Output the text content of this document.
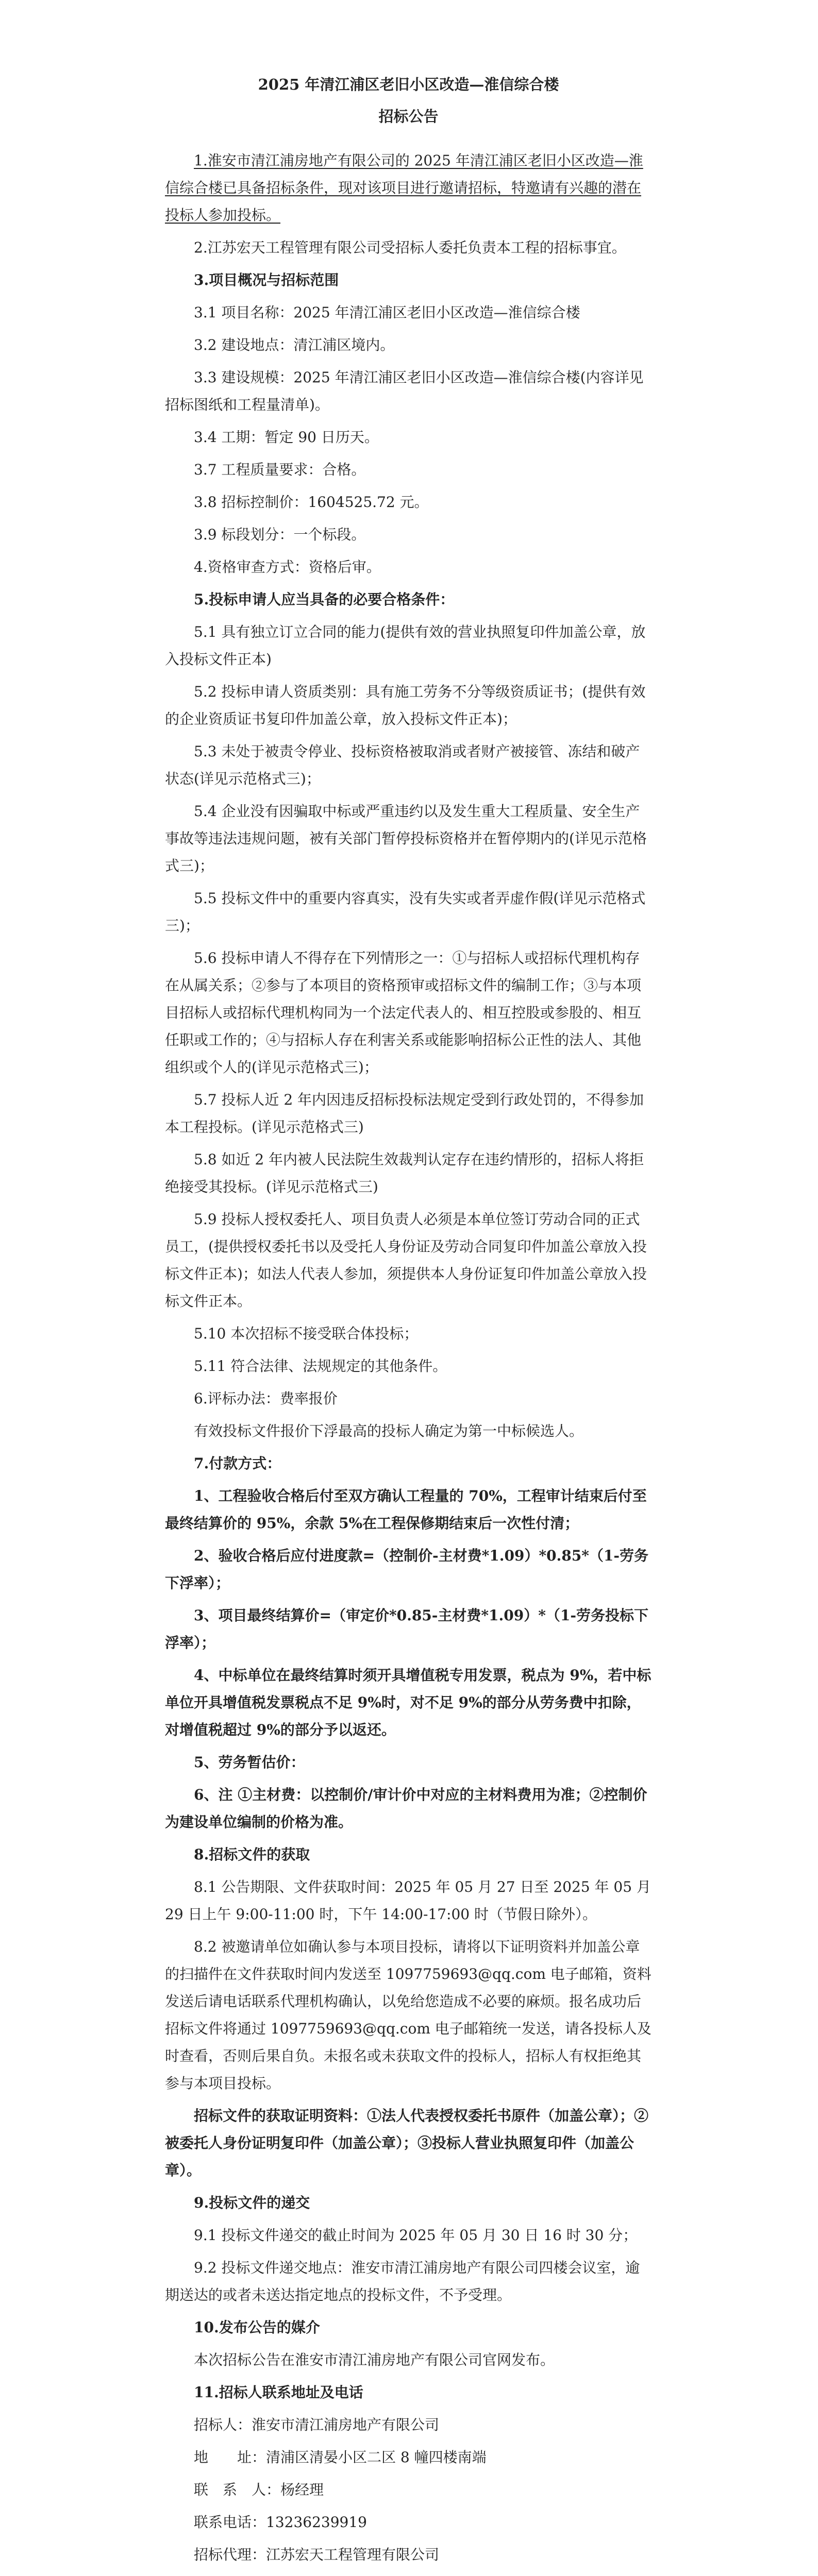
2025 年清江浦区老旧小区改造—淮信综合楼
招标公告

1.淮安市清江浦房地产有限公司的 2025 年清江浦区老旧小区改造—淮信综合楼已具备招标条件，现对该项目进行邀请招标，特邀请有兴趣的潜在投标人参加投标。

2.江苏宏天工程管理有限公司受招标人委托负责本工程的招标事宜。

3.项目概况与招标范围

3.1 项目名称：2025 年清江浦区老旧小区改造—淮信综合楼

3.2 建设地点：清江浦区境内。

3.3 建设规模：2025 年清江浦区老旧小区改造—淮信综合楼(内容详见招标图纸和工程量清单)。

3.4 工期：暂定 90 日历天。

3.7 工程质量要求：合格。

3.8 招标控制价：1604525.72 元。

3.9 标段划分：一个标段。

4.资格审查方式：资格后审。

5.投标申请人应当具备的必要合格条件：

5.1 具有独立订立合同的能力(提供有效的营业执照复印件加盖公章，放入投标文件正本)

5.2 投标申请人资质类别：具有施工劳务不分等级资质证书；(提供有效的企业资质证书复印件加盖公章，放入投标文件正本)；

5.3 未处于被责令停业、投标资格被取消或者财产被接管、冻结和破产状态(详见示范格式三)；

5.4 企业没有因骗取中标或严重违约以及发生重大工程质量、安全生产事故等违法违规问题，被有关部门暂停投标资格并在暂停期内的(详见示范格式三)；

5.5 投标文件中的重要内容真实，没有失实或者弄虚作假(详见示范格式三)；

5.6 投标申请人不得存在下列情形之一：①与招标人或招标代理机构存在从属关系；②参与了本项目的资格预审或招标文件的编制工作；③与本项目招标人或招标代理机构同为一个法定代表人的、相互控股或参股的、相互任职或工作的；④与招标人存在利害关系或能影响招标公正性的法人、其他组织或个人的(详见示范格式三)；

5.7 投标人近 2 年内因违反招标投标法规定受到行政处罚的，不得参加本工程投标。(详见示范格式三)

5.8 如近 2 年内被人民法院生效裁判认定存在违约情形的，招标人将拒绝接受其投标。(详见示范格式三)

5.9 投标人授权委托人、项目负责人必须是本单位签订劳动合同的正式员工，(提供授权委托书以及受托人身份证及劳动合同复印件加盖公章放入投标文件正本)；如法人代表人参加，须提供本人身份证复印件加盖公章放入投标文件正本。

5.10 本次招标不接受联合体投标；

5.11 符合法律、法规规定的其他条件。

6.评标办法：费率报价

有效投标文件报价下浮最高的投标人确定为第一中标候选人。

7.付款方式：

1、工程验收合格后付至双方确认工程量的 70%，工程审计结束后付至最终结算价的 95%，余款 5%在工程保修期结束后一次性付清；

2、验收合格后应付进度款=（控制价-主材费*1.09）*0.85*（1-劳务下浮率）；

3、项目最终结算价=（审定价*0.85-主材费*1.09）*（1-劳务投标下浮率）；

4、中标单位在最终结算时须开具增值税专用发票，税点为 9%，若中标单位开具增值税发票税点不足 9%时，对不足 9%的部分从劳务费中扣除，对增值税超过 9%的部分予以返还。

5、劳务暂估价：

6、注 ①主材费：以控制价/审计价中对应的主材料费用为准；②控制价为建设单位编制的价格为准。

8.招标文件的获取

8.1 公告期限、文件获取时间：2025 年 05 月 27 日至 2025 年 05 月 29 日上午 9:00-11:00 时，下午 14:00-17:00 时（节假日除外）。

8.2 被邀请单位如确认参与本项目投标，请将以下证明资料并加盖公章的扫描件在文件获取时间内发送至 1097759693@qq.com 电子邮箱，资料发送后请电话联系代理机构确认，以免给您造成不必要的麻烦。报名成功后招标文件将通过 1097759693@qq.com 电子邮箱统一发送，请各投标人及时查看，否则后果自负。未报名或未获取文件的投标人，招标人有权拒绝其参与本项目投标。

招标文件的获取证明资料：①法人代表授权委托书原件（加盖公章）；②被委托人身份证明复印件（加盖公章）；③投标人营业执照复印件（加盖公章）。

9.投标文件的递交

9.1 投标文件递交的截止时间为 2025 年 05 月 30 日 16 时 30 分；

9.2 投标文件递交地点：淮安市清江浦房地产有限公司四楼会议室，逾期送达的或者未送达指定地点的投标文件，不予受理。

10.发布公告的媒介

本次招标公告在淮安市清江浦房地产有限公司官网发布。

11.招标人联系地址及电话

招标人：淮安市清江浦房地产有限公司

地　　址：清浦区清晏小区二区 8 幢四楼南端

联　系　人：杨经理

联系电话：13236239919

招标代理：江苏宏天工程管理有限公司
